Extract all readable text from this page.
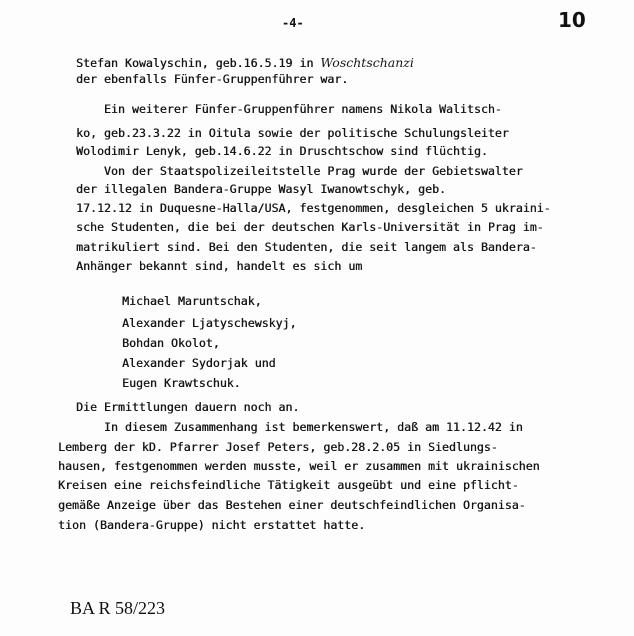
-4-	10
Stefan Kowalyschin, geb.16.5.19 in Woschtschanzi
der ebenfalls Fünfer-Gruppenführer war.
Ein weiterer Fünfer-Gruppenführer namens Nikola Walitsch-
ko, geb.23.3.22 in Oitula sowie der politische Schulungsleiter
Wolodimir Lenyk, geb.14.6.22 in Druschtschow sind flüchtig.
Von der Staatspolizeileitstelle Prag wurde der Gebietswalter
der illegalen Bandera-Gruppe Wasyl Iwanowtschyk, geb.
17.12.12 in Duquesne-Halla/USA, festgenommen, desgleichen 5 ukraini-
sche Studenten, die bei der deutschen Karls-Universität in Prag im-
matrikuliert sind. Bei den Studenten, die seit langem als Bandera-
Anhänger bekannt sind, handelt es sich um
Michael Maruntschak,
Alexander Ljatyschewskyj,
Bohdan Okolot,
Alexander Sydorjak und
Eugen Krawtschuk.
Die Ermittlungen dauern noch an.
In diesem Zusammenhang ist bemerkenswert, daß am 11.12.42 in
Lemberg der kD. Pfarrer Josef Peters, geb.28.2.05 in Siedlungs-
hausen, festgenommen werden musste, weil er zusammen mit ukrainischen
Kreisen eine reichsfeindliche Tätigkeit ausgeübt und eine pflicht-
gemäße Anzeige über das Bestehen einer deutschfeindlichen Organisa-
tion (Bandera-Gruppe) nicht erstattet hatte.
BA R 58/223
